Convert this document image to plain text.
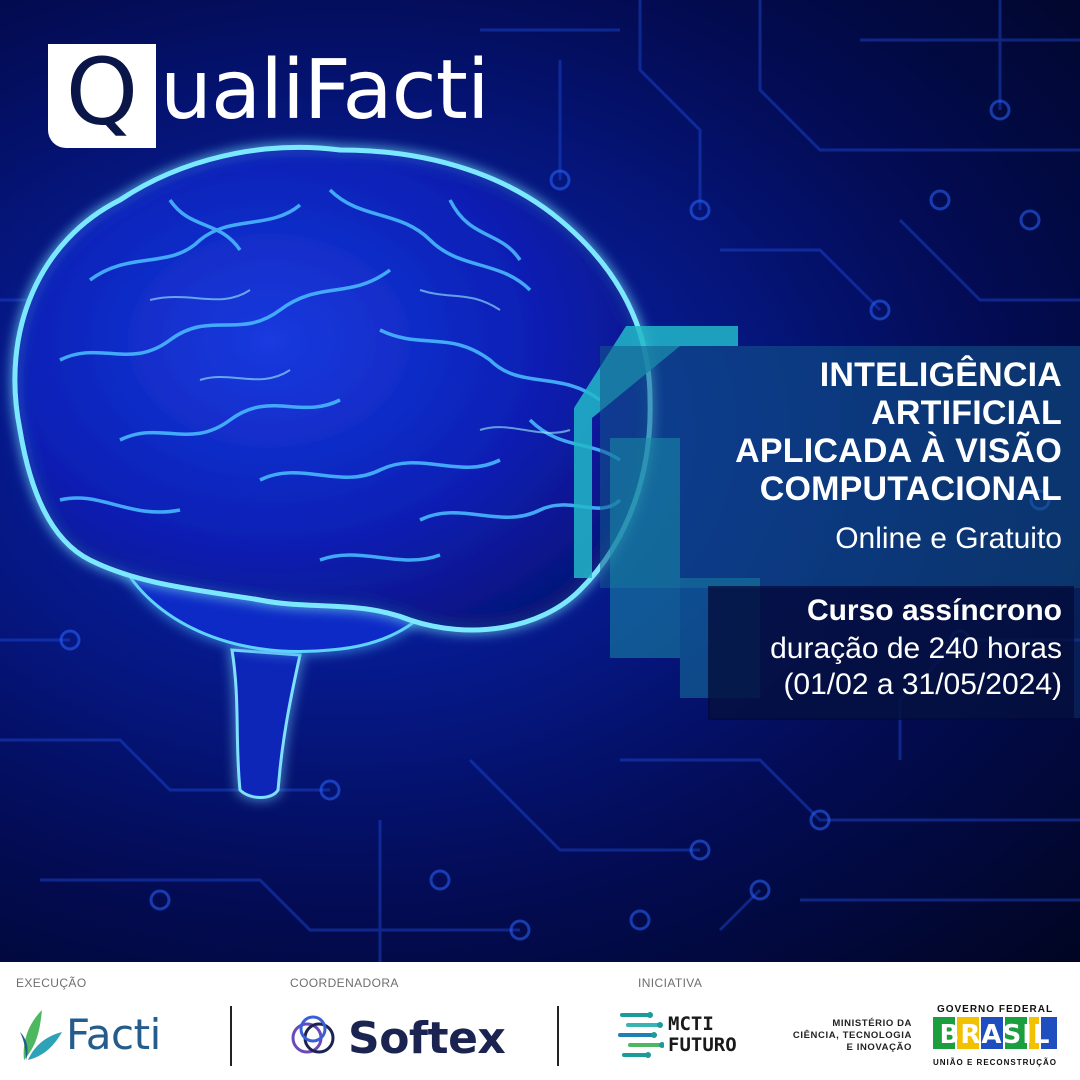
Q ualiFacti
INTELIGÊNCIA
ARTIFICIAL
APLICADA À VISÃO
COMPUTACIONAL
Online e Gratuito
Curso assíncrono
duração de 240 horas
(01/02 a 31/05/2024)
EXECUÇÃO	COORDENADORA	INICIATIVA
Facti	Softex	MCTI
FUTURO
MINISTÉRIO DA
CIÊNCIA, TECNOLOGIA
E INOVAÇÃO
GOVERNO FEDERAL
BRASIL
UNIÃO E RECONSTRUÇÃO
